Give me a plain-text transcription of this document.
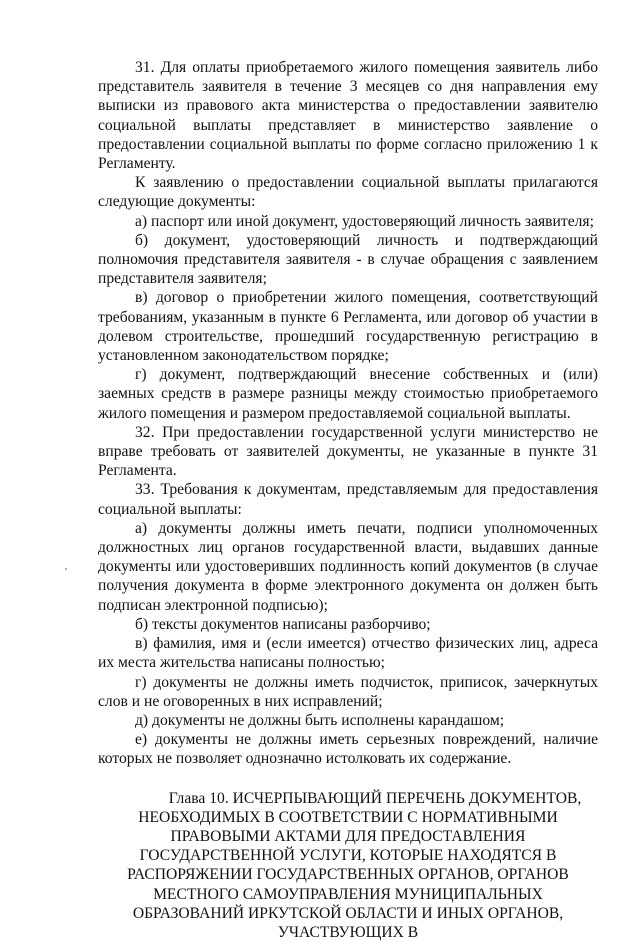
31. Для оплаты приобретаемого жилого помещения заявитель либо представитель заявителя в течение 3 месяцев со дня направления ему выписки из правового акта министерства о предоставлении заявителю социальной выплаты представляет в министерство заявление о предоставлении социальной выплаты по форме согласно приложению 1 к Регламенту.

К заявлению о предоставлении социальной выплаты прилагаются следующие документы:

а) паспорт или иной документ, удостоверяющий личность заявителя;

б) документ, удостоверяющий личность и подтверждающий полномочия представителя заявителя - в случае обращения с заявлением представителя заявителя;

в) договор о приобретении жилого помещения, соответствующий требованиям, указанным в пункте 6 Регламента, или договор об участии в долевом строительстве, прошедший государственную регистрацию в установленном законодательством порядке;

г) документ, подтверждающий внесение собственных и (или) заемных средств в размере разницы между стоимостью приобретаемого жилого помещения и размером предоставляемой социальной выплаты.

32. При предоставлении государственной услуги министерство не вправе требовать от заявителей документы, не указанные в пункте 31 Регламента.

33. Требования к документам, представляемым для предоставления социальной выплаты:

а) документы должны иметь печати, подписи уполномоченных должностных лиц органов государственной власти, выдавших данные документы или удостоверивших подлинность копий документов (в случае получения документа в форме электронного документа он должен быть подписан электронной подписью);

б) тексты документов написаны разборчиво;

в) фамилия, имя и (если имеется) отчество физических лиц, адреса их места жительства написаны полностью;

г) документы не должны иметь подчисток, приписок, зачеркнутых слов и не оговоренных в них исправлений;

д) документы не должны быть исполнены карандашом;

е) документы не должны иметь серьезных повреждений, наличие которых не позволяет однозначно истолковать их содержание.

Глава 10. ИСЧЕРПЫВАЮЩИЙ ПЕРЕЧЕНЬ ДОКУМЕНТОВ,
НЕОБХОДИМЫХ В СООТВЕТСТВИИ С НОРМАТИВНЫМИ ПРАВОВЫМИ АКТАМИ ДЛЯ ПРЕДОСТАВЛЕНИЯ ГОСУДАРСТВЕННОЙ УСЛУГИ, КОТОРЫЕ НАХОДЯТСЯ В РАСПОРЯЖЕНИИ ГОСУДАРСТВЕННЫХ ОРГАНОВ, ОРГАНОВ МЕСТНОГО САМОУПРАВЛЕНИЯ МУНИЦИПАЛЬНЫХ ОБРАЗОВАНИЙ ИРКУТСКОЙ ОБЛАСТИ И ИНЫХ ОРГАНОВ, УЧАСТВУЮЩИХ В
